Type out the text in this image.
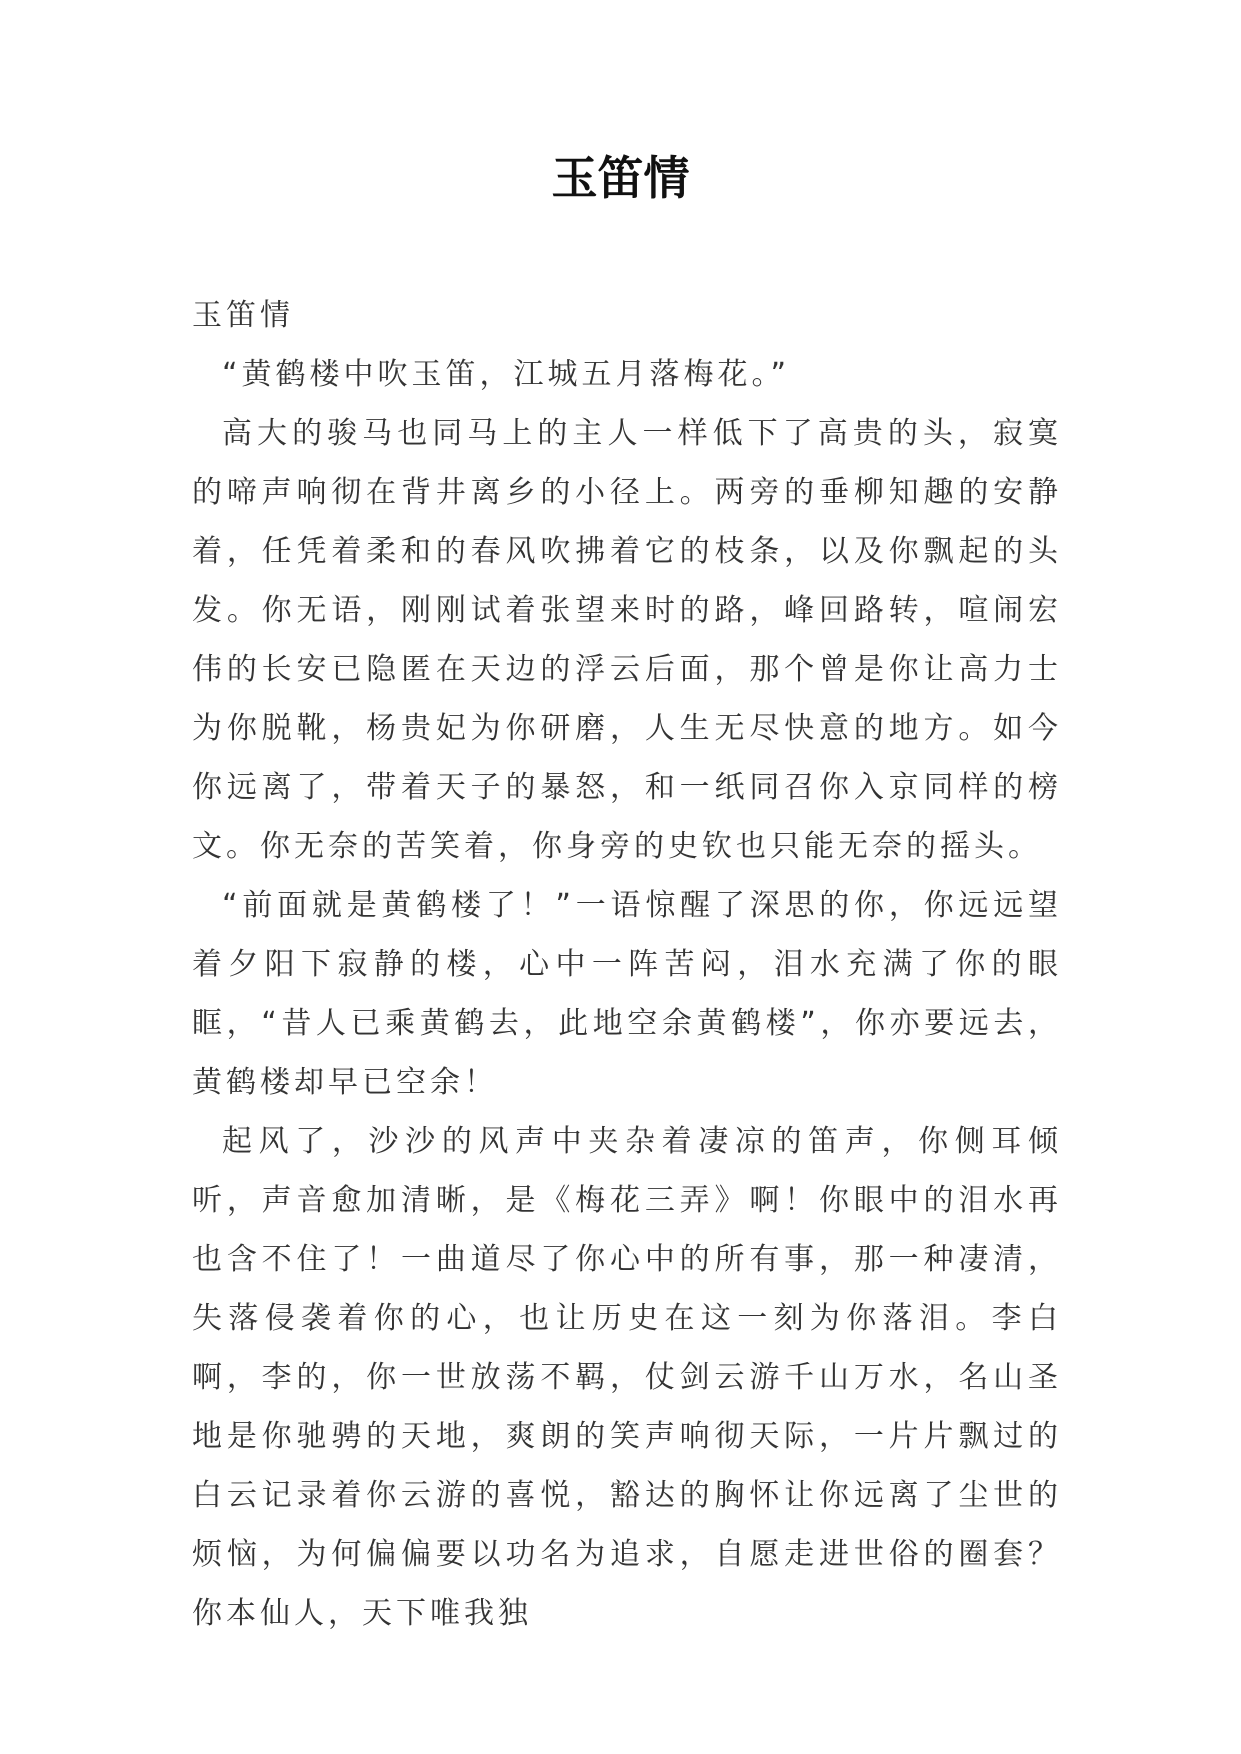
玉笛情

玉笛情

“黄鹤楼中吹玉笛，江城五月落梅花。”

高大的骏马也同马上的主人一样低下了高贵的头，寂寞的啼声响彻在背井离乡的小径上。两旁的垂柳知趣的安静着，任凭着柔和的春风吹拂着它的枝条，以及你飘起的头发。你无语，刚刚试着张望来时的路，峰回路转，喧闹宏伟的长安已隐匿在天边的浮云后面，那个曾是你让高力士为你脱靴，杨贵妃为你研磨，人生无尽快意的地方。如今你远离了，带着天子的暴怒，和一纸同召你入京同样的榜文。你无奈的苦笑着，你身旁的史钦也只能无奈的摇头。

“前面就是黄鹤楼了！”一语惊醒了深思的你，你远远望着夕阳下寂静的楼，心中一阵苦闷，泪水充满了你的眼眶，“昔人已乘黄鹤去，此地空余黄鹤楼”，你亦要远去，黄鹤楼却早已空余！

起风了，沙沙的风声中夹杂着凄凉的笛声，你侧耳倾听，声音愈加清晰，是《梅花三弄》啊！你眼中的泪水再也含不住了！一曲道尽了你心中的所有事，那一种凄清，失落侵袭着你的心，也让历史在这一刻为你落泪。李白啊，李的，你一世放荡不羁，仗剑云游千山万水，名山圣地是你驰骋的天地，爽朗的笑声响彻天际，一片片飘过的白云记录着你云游的喜悦，豁达的胸怀让你远离了尘世的烦恼，为何偏偏要以功名为追求，自愿走进世俗的圈套？你本仙人，天下唯我独
